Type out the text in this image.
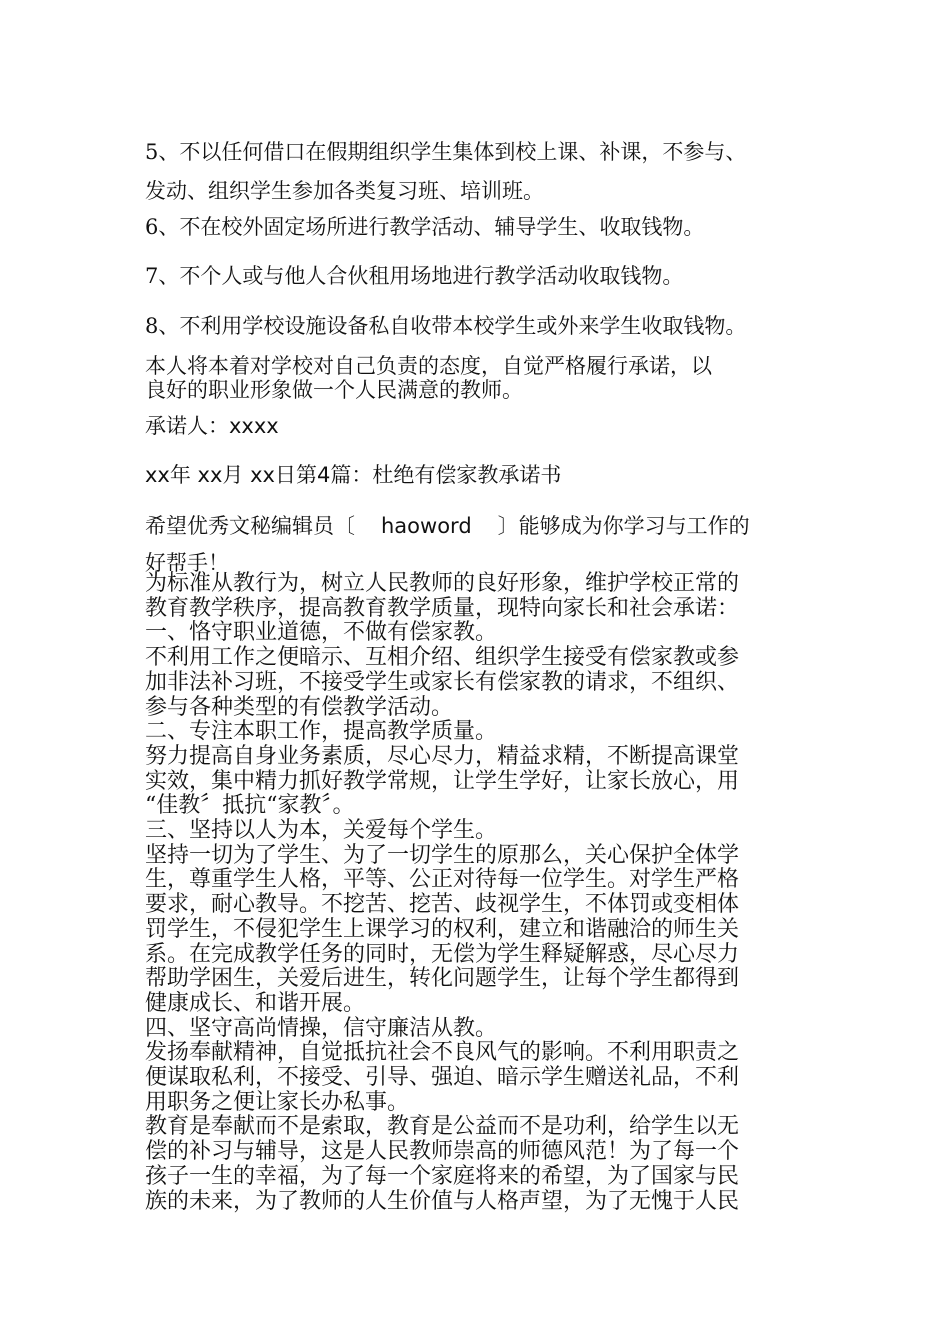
5、不以任何借口在假期组织学生集体到校上课、补课，不参与、
发动、组织学生参加各类复习班、培训班。
6、不在校外固定场所进行教学活动、辅导学生、收取钱物。
7、不个人或与他人合伙租用场地进行教学活动收取钱物。
8、不利用学校设施设备私自收带本校学生或外来学生收取钱物。
本人将本着对学校对自己负责的态度，自觉严格履行承诺，以
良好的职业形象做一个人民满意的教师。
承诺人：xxxx
xx年 xx月 xx日第4篇：杜绝有偿家教承诺书
希望优秀文秘编辑员〔 haoword 〕能够成为你学习与工作的
好帮手！
为标准从教行为，树立人民教师的良好形象，维护学校正常的
教育教学秩序，提高教育教学质量，现特向家长和社会承诺：
一、恪守职业道德，不做有偿家教。
不利用工作之便暗示、互相介绍、组织学生接受有偿家教或参
加非法补习班，不接受学生或家长有偿家教的请求，不组织、
参与各种类型的有偿教学活动。
二、专注本职工作，提高教学质量。
努力提高自身业务素质，尽心尽力，精益求精，不断提高课堂
实效，集中精力抓好教学常规，让学生学好，让家长放心，用
“佳教〞抵抗“家教〞。
三、坚持以人为本，关爱每个学生。
坚持一切为了学生、为了一切学生的原那么，关心保护全体学
生，尊重学生人格，平等、公正对待每一位学生。对学生严格
要求，耐心教导。不挖苦、挖苦、歧视学生，不体罚或变相体
罚学生，不侵犯学生上课学习的权利，建立和谐融洽的师生关
系。在完成教学任务的同时，无偿为学生释疑解惑，尽心尽力
帮助学困生，关爱后进生，转化问题学生，让每个学生都得到
健康成长、和谐开展。
四、坚守高尚情操，信守廉洁从教。
发扬奉献精神，自觉抵抗社会不良风气的影响。不利用职责之
便谋取私利，不接受、引导、强迫、暗示学生赠送礼品，不利
用职务之便让家长办私事。
教育是奉献而不是索取，教育是公益而不是功利，给学生以无
偿的补习与辅导，这是人民教师崇高的师德风范！为了每一个
孩子一生的幸福，为了每一个家庭将来的希望，为了国家与民
族的未来，为了教师的人生价值与人格声望，为了无愧于人民
